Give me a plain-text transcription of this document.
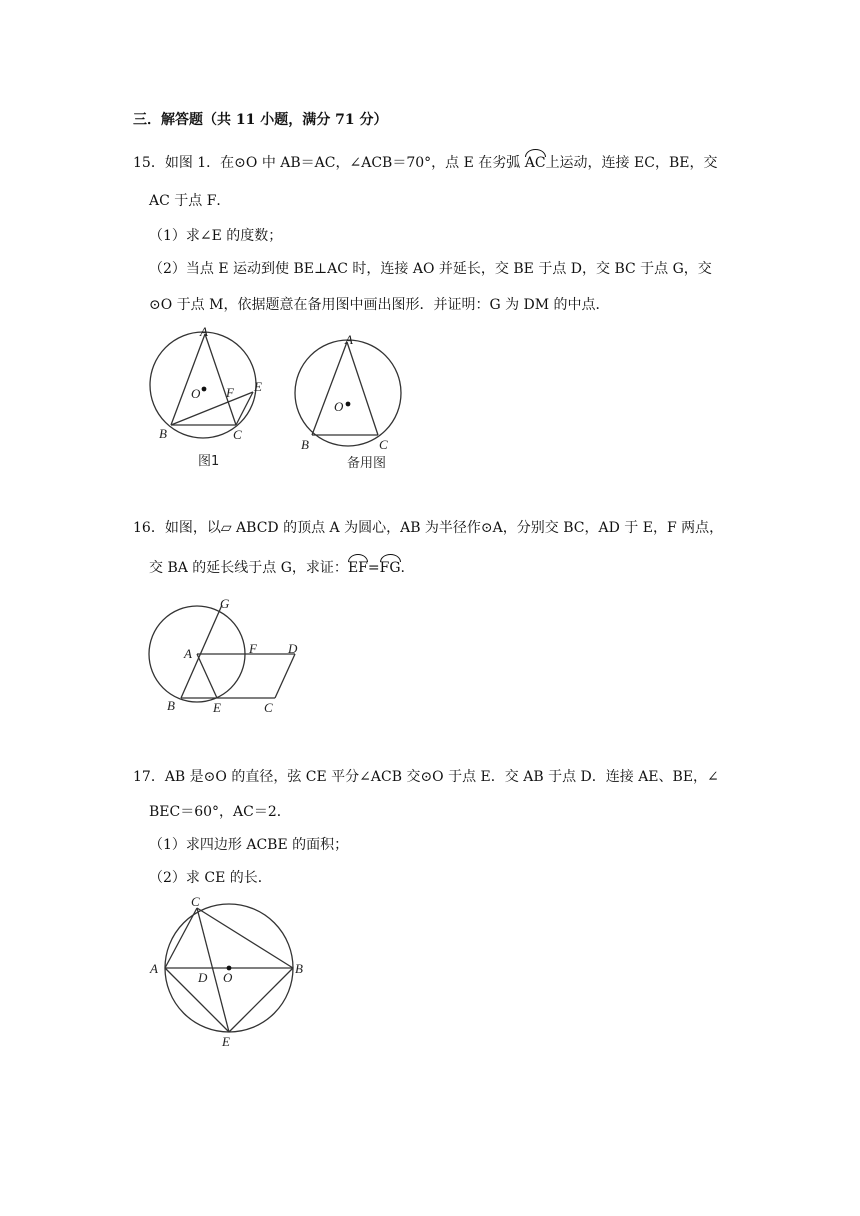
三．解答题（共 11 小题，满分 71 分）
15．如图 1．在⊙O 中 AB＝AC，∠ACB＝70°，点 E 在劣弧 AC上运动，连接 EC，BE，交
AC 于点 F．
（1）求∠E 的度数；
（2）当点 E 运动到使 BE⊥AC 时，连接 AO 并延长，交 BE 于点 D，交 BC 于点 G，交
⊙O 于点 M，依据题意在备用图中画出图形．并证明：G 为 DM 的中点．
A
O F E
B	C
图1
A
O
B	C
备用图
16．如图，以▱ ABCD 的顶点 A 为圆心，AB 为半径作⊙A，分别交 BC，AD 于 E，F 两点，
交 BA 的延长线于点 G，求证：EF=FG.
G
A	F D
B	E	C
17．AB 是⊙O 的直径，弦 CE 平分∠ACB 交⊙O 于点 E．交 AB 于点 D．连接 AE、BE，∠
BEC＝60°，AC＝2．
（1）求四边形 ACBE 的面积；
（2）求 CE 的长．
C
A
D O
B
E
